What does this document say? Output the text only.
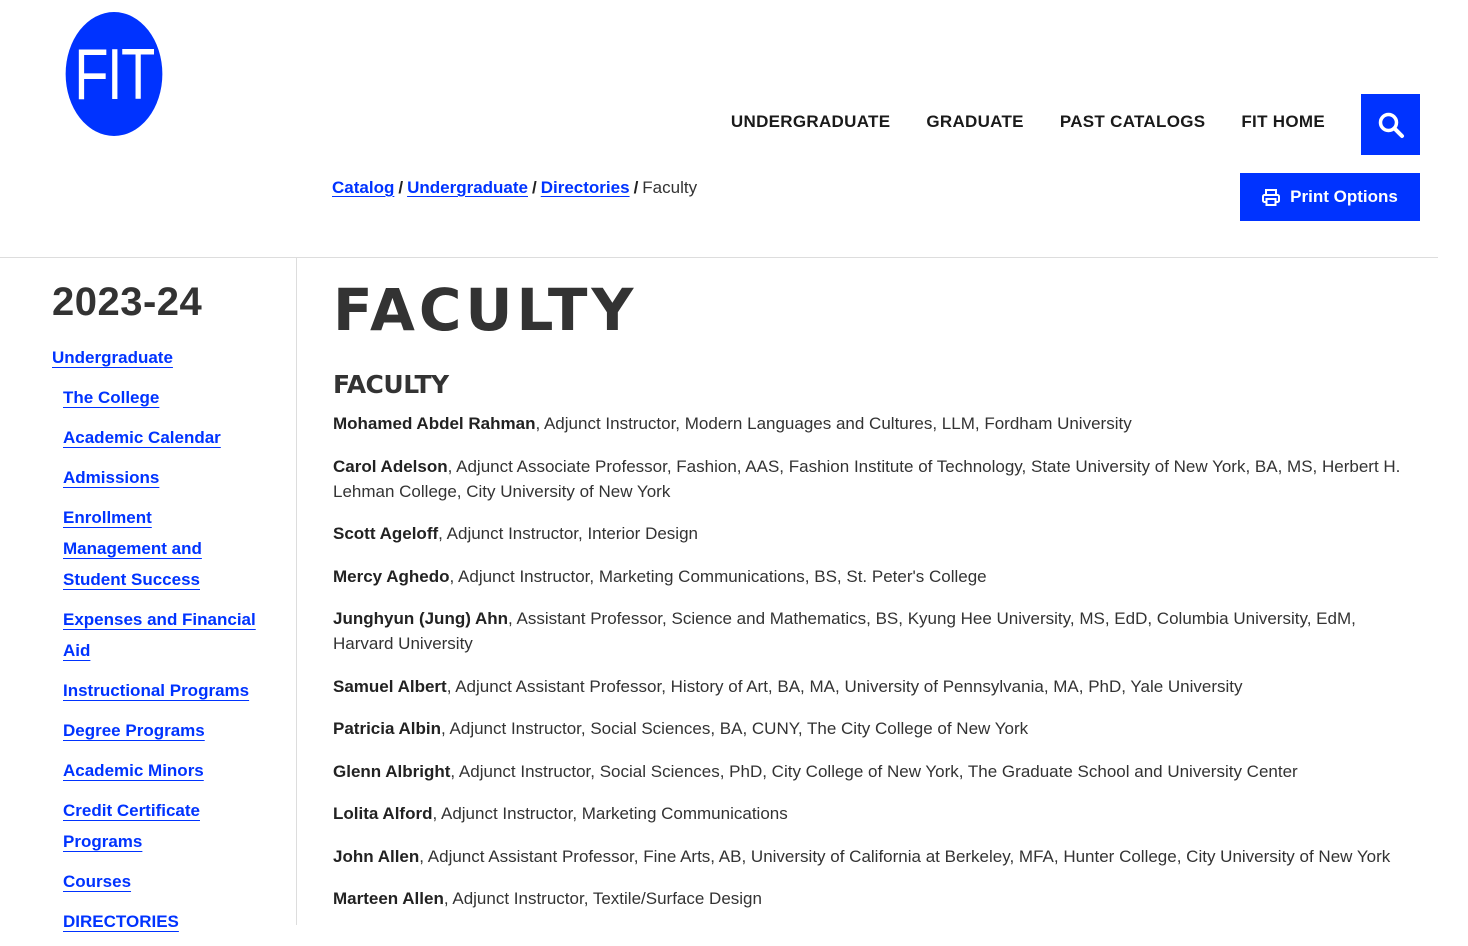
FIT
UNDERGRADUATE GRADUATE PAST CATALOGS FIT HOME
Catalog / Undergraduate / Directories / Faculty	Print Options
2023-24
Undergraduate
The College
Academic Calendar
Admissions
Enrollment Management and Student Success
Expenses and Financial Aid
Instructional Programs
Degree Programs
Academic Minors
Credit Certificate Programs
Courses
DIRECTORIES
FACULTY
FACULTY

Mohamed Abdel Rahman, Adjunct Instructor, Modern Languages and Cultures, LLM, Fordham University

Carol Adelson, Adjunct Associate Professor, Fashion, AAS, Fashion Institute of Technology, State University of New York, BA, MS, Herbert H. Lehman College, City University of New York

Scott Ageloff, Adjunct Instructor, Interior Design

Mercy Aghedo, Adjunct Instructor, Marketing Communications, BS, St. Peter's College

Junghyun (Jung) Ahn, Assistant Professor, Science and Mathematics, BS, Kyung Hee University, MS, EdD, Columbia University, EdM, Harvard University

Samuel Albert, Adjunct Assistant Professor, History of Art, BA, MA, University of Pennsylvania, MA, PhD, Yale University

Patricia Albin, Adjunct Instructor, Social Sciences, BA, CUNY, The City College of New York

Glenn Albright, Adjunct Instructor, Social Sciences, PhD, City College of New York, The Graduate School and University Center

Lolita Alford, Adjunct Instructor, Marketing Communications

John Allen, Adjunct Assistant Professor, Fine Arts, AB, University of California at Berkeley, MFA, Hunter College, City University of New York

Marteen Allen, Adjunct Instructor, Textile/Surface Design
